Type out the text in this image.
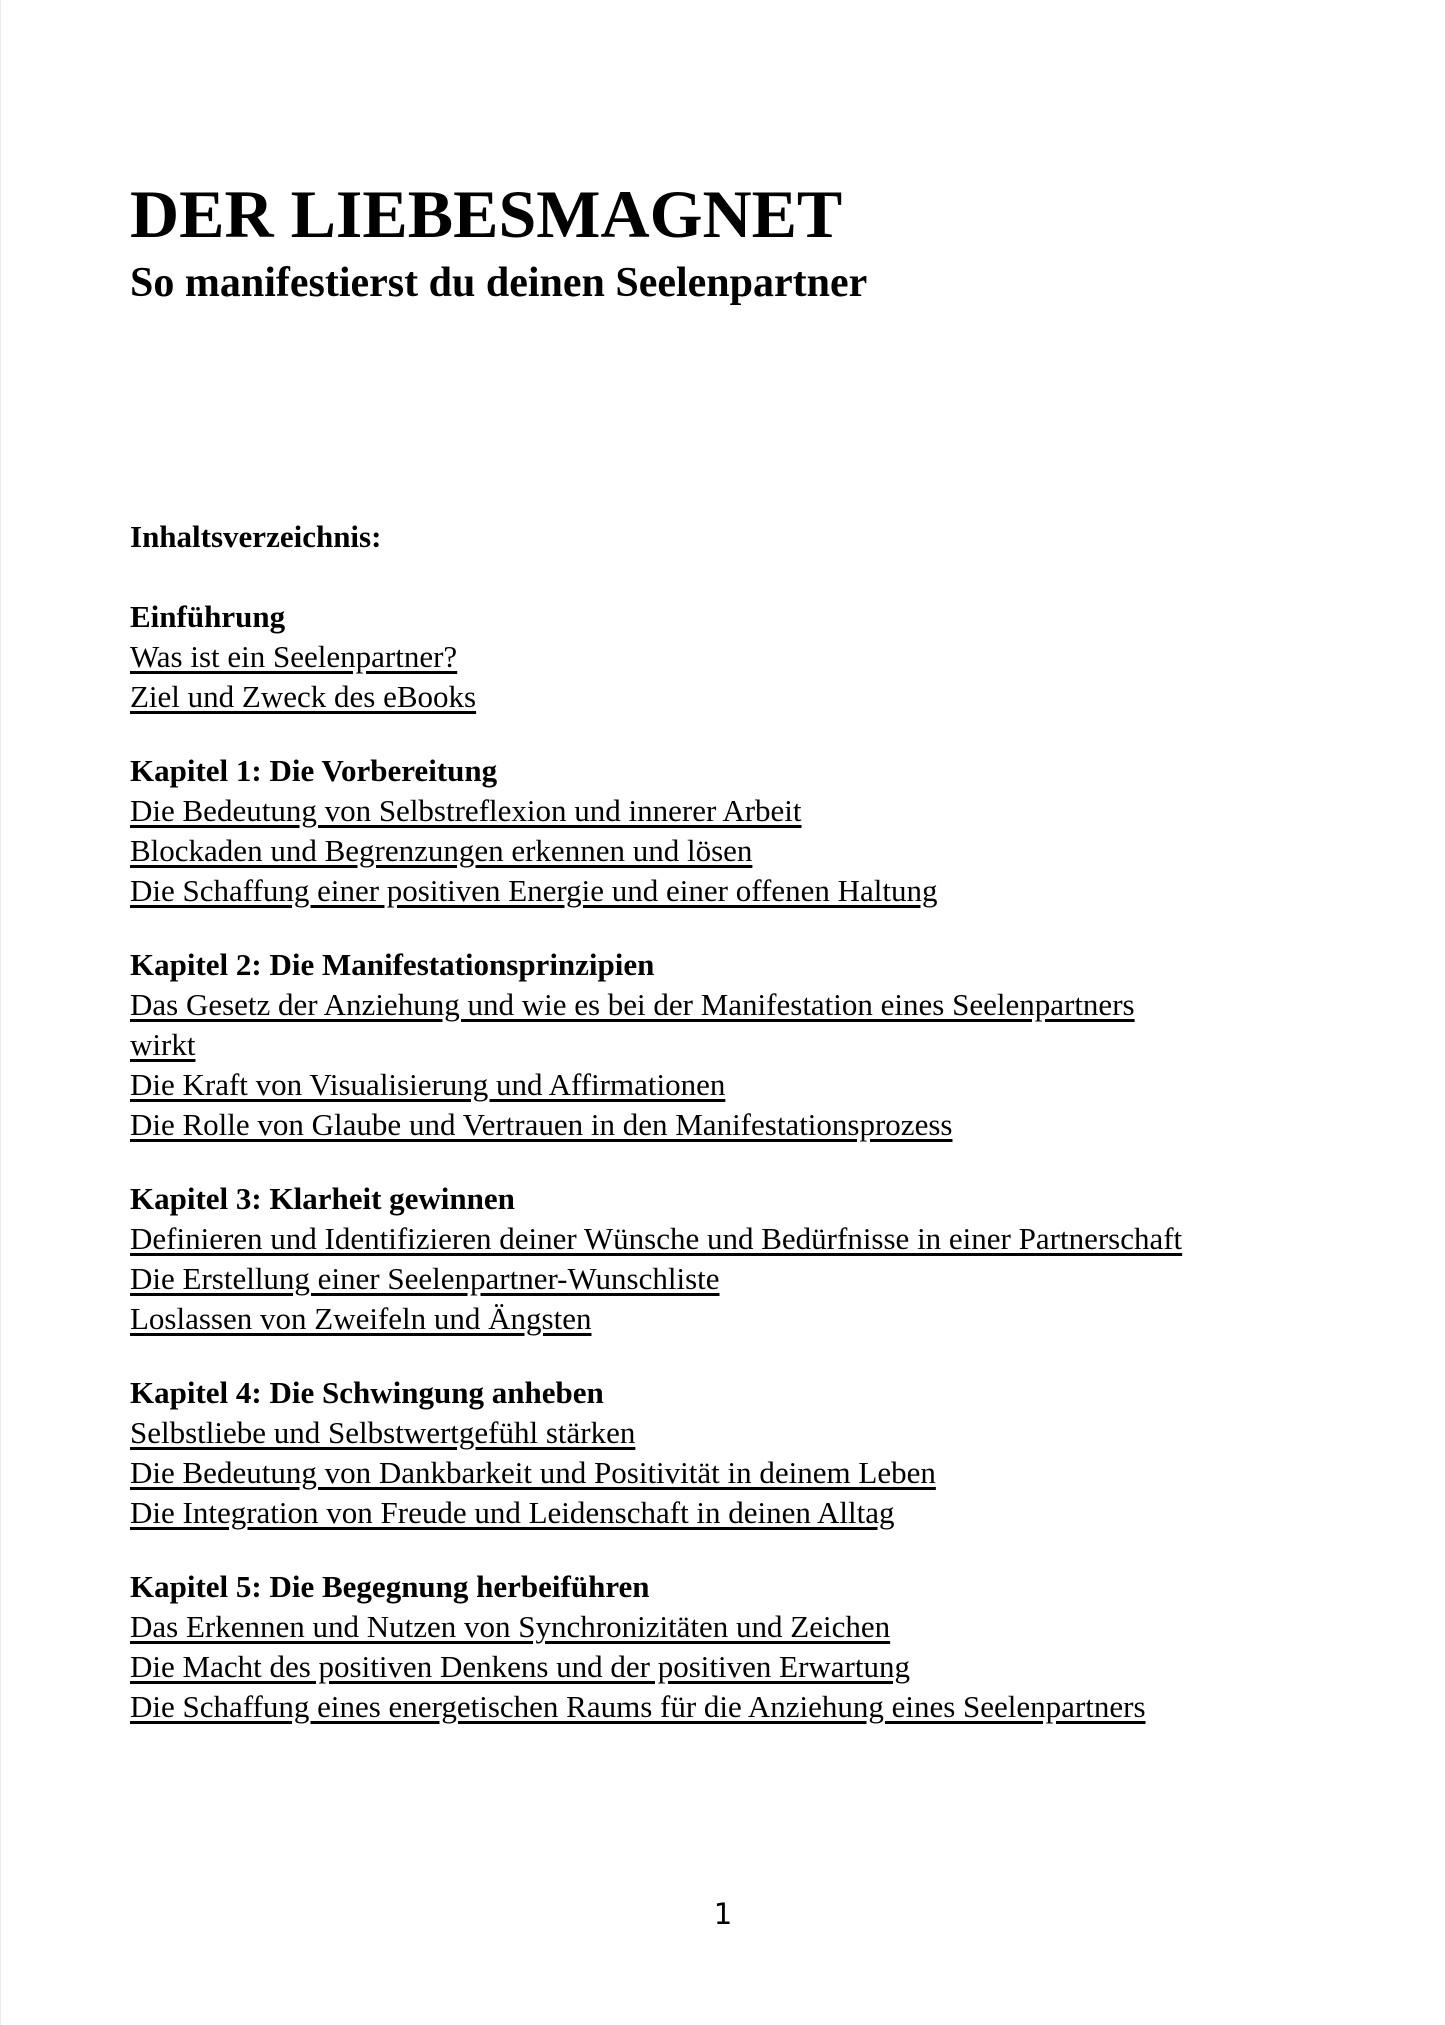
DER LIEBESMAGNET
So manifestierst du deinen Seelenpartner

Inhaltsverzeichnis:

Einführung

Was ist ein Seelenpartner?

Ziel und Zweck des eBooks

Kapitel 1: Die Vorbereitung

Die Bedeutung von Selbstreflexion und innerer Arbeit

Blockaden und Begrenzungen erkennen und lösen

Die Schaffung einer positiven Energie und einer offenen Haltung

Kapitel 2: Die Manifestationsprinzipien

Das Gesetz der Anziehung und wie es bei der Manifestation eines Seelenpartners

wirkt

Die Kraft von Visualisierung und Affirmationen

Die Rolle von Glaube und Vertrauen in den Manifestationsprozess

Kapitel 3: Klarheit gewinnen

Definieren und Identifizieren deiner Wünsche und Bedürfnisse in einer Partnerschaft

Die Erstellung einer Seelenpartner-Wunschliste

Loslassen von Zweifeln und Ängsten

Kapitel 4: Die Schwingung anheben

Selbstliebe und Selbstwertgefühl stärken

Die Bedeutung von Dankbarkeit und Positivität in deinem Leben

Die Integration von Freude und Leidenschaft in deinen Alltag

Kapitel 5: Die Begegnung herbeiführen

Das Erkennen und Nutzen von Synchronizitäten und Zeichen

Die Macht des positiven Denkens und der positiven Erwartung

Die Schaffung eines energetischen Raums für die Anziehung eines Seelenpartners

1
